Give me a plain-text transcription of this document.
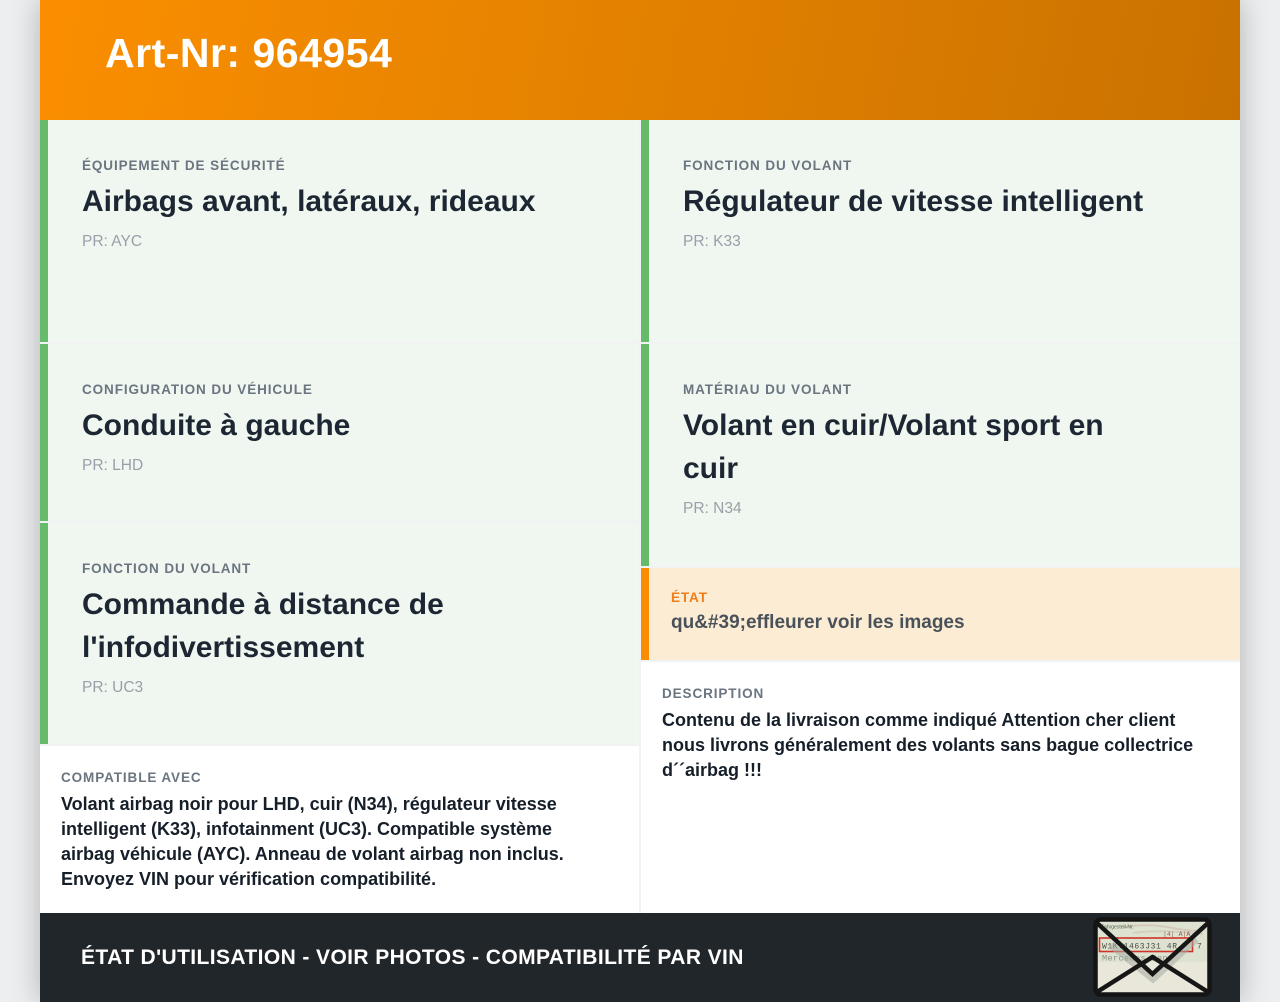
Art-Nr: 964954
ÉQUIPEMENT DE SÉCURITÉ
Airbags avant, latéraux, rideaux
PR: AYC
CONFIGURATION DU VÉHICULE
Conduite à gauche
PR: LHD
FONCTION DU VOLANT
Commande à distance de l'infodivertissement
PR: UC3
COMPATIBLE AVEC
Volant airbag noir pour LHD, cuir (N34), régulateur vitesse intelligent (K33), infotainment (UC3). Compatible système airbag véhicule (AYC). Anneau de volant airbag non inclus. Envoyez VIN pour vérification compatibilité.
FONCTION DU VOLANT
Régulateur de vitesse intelligent
PR: K33
MATÉRIAU DU VOLANT
Volant en cuir/Volant sport en cuir
PR: N34
ÉTAT
qu&#39;effleurer voir les images
DESCRIPTION
Contenu de la livraison comme indiqué Attention cher client nous livrons généralement des volants sans bague collectrice d´´airbag !!!
ÉTAT D'UTILISATION - VOIR PHOTOS - COMPATIBILITÉ PAR VIN
Fahrgestell-Nr.
|4| A|A
W1K71463J31 4R 7
Mercedes-Benz
